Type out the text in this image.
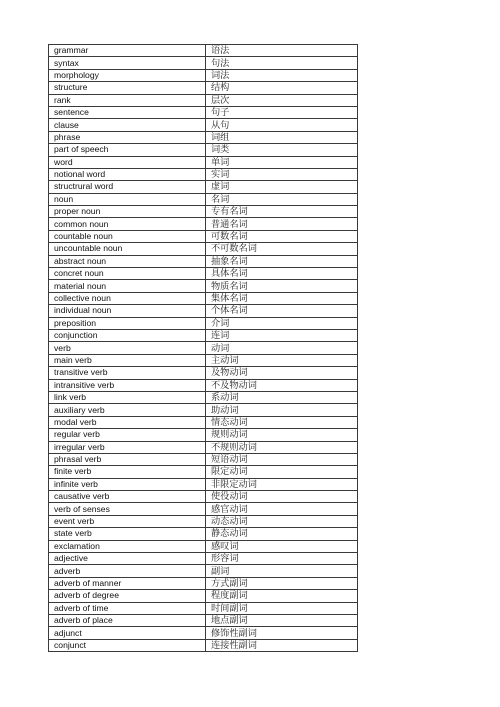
grammar	语法
syntax	句法
morphology	词法
structure	结构
rank	层次
sentence	句子
clause	从句
phrase	词组
part of speech	词类
word	单词
notional word	实词
structrural word	虚词
noun	名词
proper noun	专有名词
common noun	普通名词
countable noun	可数名词
uncountable noun	不可数名词
abstract noun	抽象名词
concret noun	具体名词
material noun	物质名词
collective noun	集体名词
individual noun	个体名词
preposition	介词
conjunction	连词
verb	动词
main verb	主动词
transitive verb	及物动词
intransitive verb	不及物动词
link verb	系动词
auxiliary verb	助动词
modal verb	情态动词
regular verb	规则动词
irregular verb	不规则动词
phrasal verb	短语动词
finite verb	限定动词
infinite verb	非限定动词
causative verb	使役动词
verb of senses	感官动词
event verb	动态动词
state verb	静态动词
exclamation	感叹词
adjective	形容词
adverb	副词
adverb of manner	方式副词
adverb of degree	程度副词
adverb of time	时间副词
adverb of place	地点副词
adjunct	修饰性副词
conjunct	连接性副词
